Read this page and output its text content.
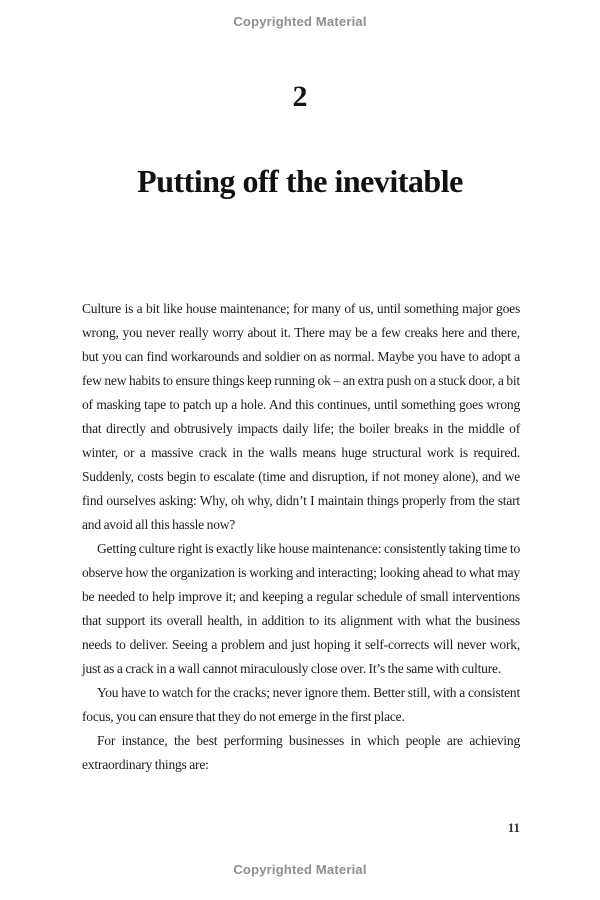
Copyrighted Material
2
Putting off the inevitable

Culture is a bit like house maintenance; for many of us, until something major goes wrong, you never really worry about it. There may be a few creaks here and there, but you can find workarounds and soldier on as normal. Maybe you have to adopt a few new habits to ensure things keep running ok – an extra push on a stuck door, a bit of masking tape to patch up a hole. And this continues, until something goes wrong that directly and obtrusively impacts daily life; the boiler breaks in the middle of winter, or a massive crack in the walls means huge structural work is required. Suddenly, costs begin to escalate (time and disruption, if not money alone), and we find ourselves asking: Why, oh why, didn’t I maintain things properly from the start and avoid all this hassle now?

Getting culture right is exactly like house maintenance: consistently taking time to observe how the organization is working and interacting; looking ahead to what may be needed to help improve it; and keeping a regular schedule of small interventions that support its overall health, in addition to its alignment with what the business needs to deliver. Seeing a problem and just hoping it self-corrects will never work, just as a crack in a wall cannot miraculously close over. It’s the same with culture.

You have to watch for the cracks; never ignore them. Better still, with a consistent focus, you can ensure that they do not emerge in the first place.

For instance, the best performing businesses in which people are achieving extraordinary things are:

11
Copyrighted Material
